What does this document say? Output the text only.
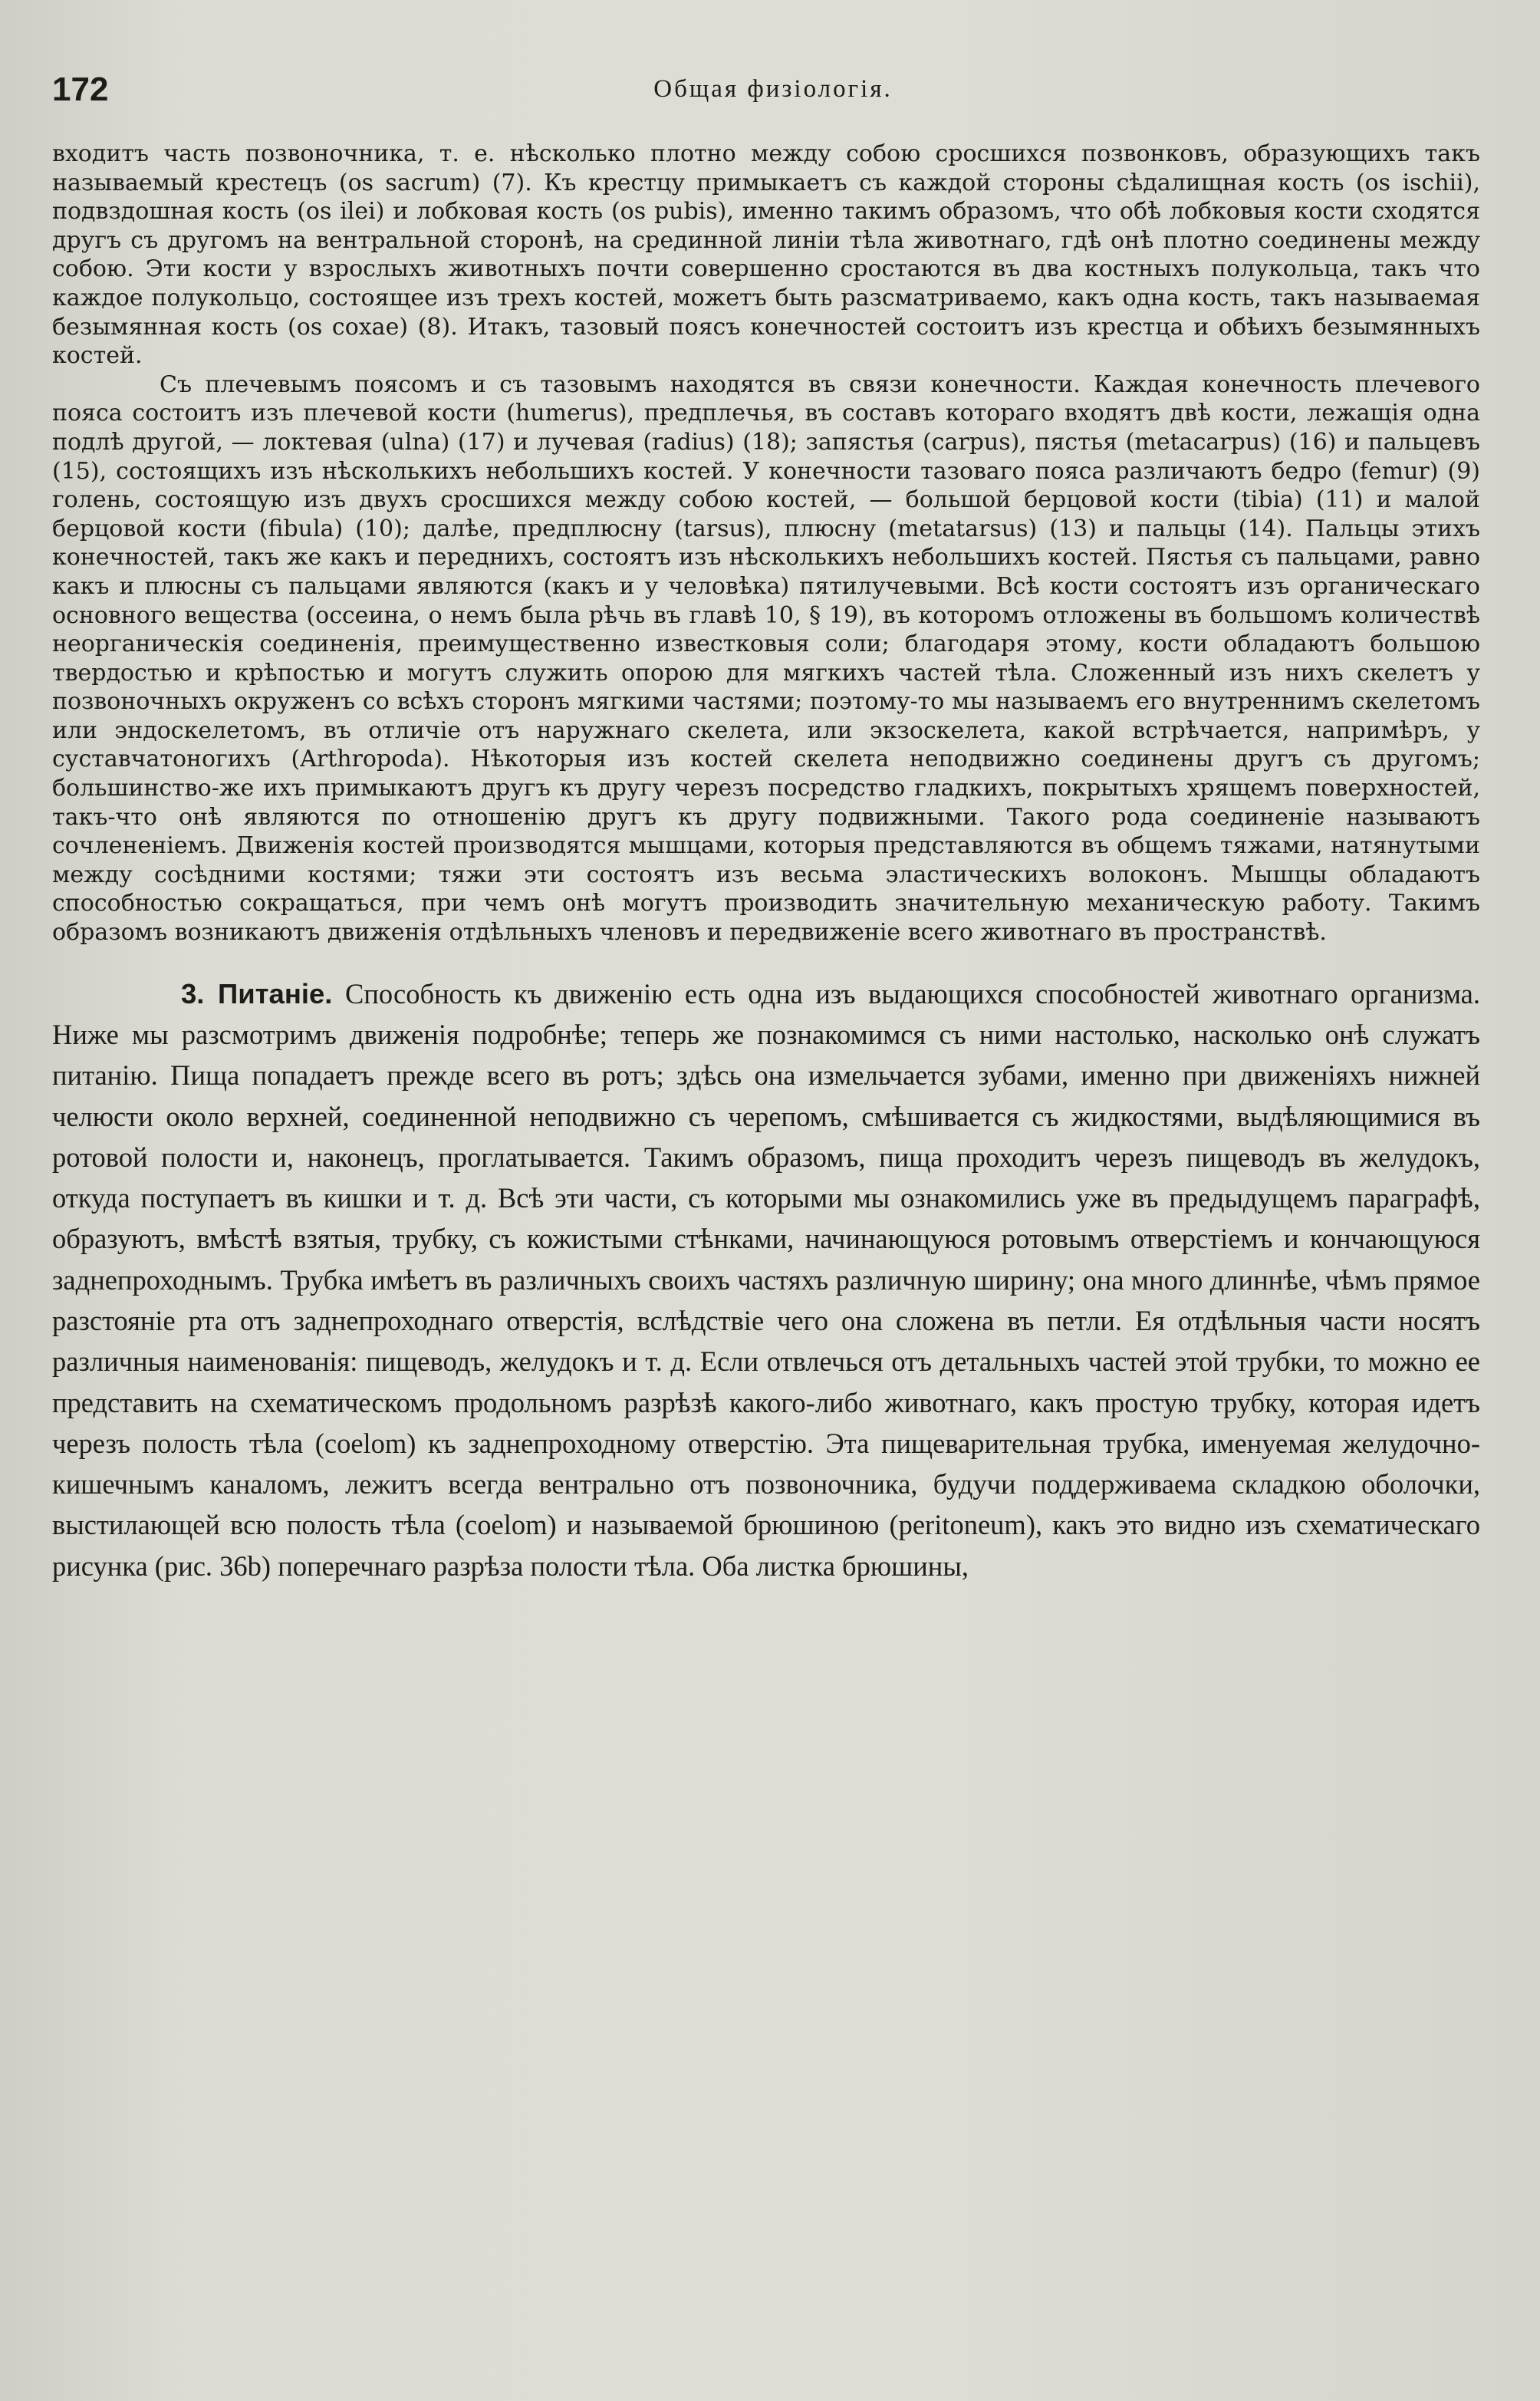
172	Общая физiологiя.

входитъ часть позвоночника, т. е. нѣсколько плотно между собою сросшихся позвонковъ, образующихъ такъ называемый крестецъ (os sacrum) (7). Къ крестцу примыкаетъ съ каждой стороны сѣдалищная кость (os ischii), подвздошная кость (os ilei) и лобковая кость (os pubis), именно такимъ образомъ, что обѣ лобковыя кости сходятся другъ съ другомъ на вентральной сторонѣ, на срединной линiи тѣла животнаго, гдѣ онѣ плотно соединены между собою. Эти кости у взрослыхъ животныхъ почти совершенно сростаются въ два костныхъ полукольца, такъ что каждое полукольцо, состоящее изъ трехъ костей, можетъ быть разсматриваемо, какъ одна кость, такъ называемая безымянная кость (os coxae) (8). Итакъ, тазовый поясъ конечностей состоитъ изъ крестца и обѣихъ безымянныхъ костей.

Съ плечевымъ поясомъ и съ тазовымъ находятся въ связи конечности. Каждая конечность плечевого пояса состоитъ изъ плечевой кости (humerus), предплечья, въ составъ котораго входятъ двѣ кости, лежащiя одна подлѣ другой, — локтевая (ulna) (17) и лучевая (radius) (18); запястья (carpus), пястья (metacarpus) (16) и пальцевъ (15), состоящихъ изъ нѣсколькихъ небольшихъ костей. У конечности тазоваго пояса различаютъ бедро (femur) (9) голень, состоящую изъ двухъ сросшихся между собою костей, — большой берцовой кости (tibia) (11) и малой берцовой кости (fibula) (10); далѣе, предплюсну (tarsus), плюсну (metatarsus) (13) и пальцы (14). Пальцы этихъ конечностей, такъ же какъ и переднихъ, состоятъ изъ нѣсколькихъ небольшихъ костей. Пястья съ пальцами, равно какъ и плюсны съ пальцами являются (какъ и у человѣка) пятилучевыми. Всѣ кости состоятъ изъ органическаго основного вещества (оссеина, о немъ была рѣчь въ главѣ 10, § 19), въ которомъ отложены въ большомъ количествѣ неорганическiя соединенiя, преимущественно известковыя соли; благодаря этому, кости обладаютъ большою твердостью и крѣпостью и могутъ служить опорою для мягкихъ частей тѣла. Сложенный изъ нихъ скелетъ у позвоночныхъ окруженъ со всѣхъ сторонъ мягкими частями; поэтому-то мы называемъ его внутреннимъ скелетомъ или эндоскелетомъ, въ отличiе отъ наружнаго скелета, или экзоскелета, какой встрѣчается, напримѣръ, у суставчатоногихъ (Arthropoda). Нѣкоторыя изъ костей скелета неподвижно соединены другъ съ другомъ; большинство-же ихъ примыкаютъ другъ къ другу черезъ посредство гладкихъ, покрытыхъ хрящемъ поверхностей, такъ-что онѣ являются по отношенiю другъ къ другу подвижными. Такого рода соединенiе называютъ сочлененiемъ. Движенiя костей производятся мышцами, которыя представляются въ общемъ тяжами, натянутыми между сосѣдними костями; тяжи эти состоятъ изъ весьма эластическихъ волоконъ. Мышцы обладаютъ способностью сокращаться, при чемъ онѣ могутъ производить значительную механическую работу. Такимъ образомъ возникаютъ движенiя отдѣльныхъ членовъ и передвиженiе всего животнаго въ пространствѣ.

3. Питанiе. Способность къ движенiю есть одна изъ выдающихся способностей животнаго организма. Ниже мы разсмотримъ движенiя подробнѣе; теперь же познакомимся съ ними настолько, насколько онѣ служатъ питанiю. Пища попадаетъ прежде всего въ ротъ; здѣсь она измельчается зубами, именно при движенiяхъ нижней челюсти около верхней, соединенной неподвижно съ черепомъ, смѣшивается съ жидкостями, выдѣляющимися въ ротовой полости и, наконецъ, проглатывается. Такимъ образомъ, пища проходитъ черезъ пищеводъ въ желудокъ, откуда поступаетъ въ кишки и т. д. Всѣ эти части, съ которыми мы ознакомились уже въ предыдущемъ параграфѣ, образуютъ, вмѣстѣ взятыя, трубку, съ кожистыми стѣнками, начинающуюся ротовымъ отверстiемъ и кончающуюся заднепроходнымъ. Трубка имѣетъ въ различныхъ своихъ частяхъ различную ширину; она много длиннѣе, чѣмъ прямое разстоянiе рта отъ заднепроходнаго отверстiя, вслѣдствiе чего она сложена въ петли. Ея отдѣльныя части носятъ различныя наименованiя: пищеводъ, желудокъ и т. д. Если отвлечься отъ детальныхъ частей этой трубки, то можно ее представить на схематическомъ продольномъ разрѣзѣ какого-либо животнаго, какъ простую трубку, которая идетъ черезъ полость тѣла (coelom) къ заднепроходному отверстiю. Эта пищеварительная трубка, именуемая желудочно-кишечнымъ каналомъ, лежитъ всегда вентрально отъ позвоночника, будучи поддерживаема складкою оболочки, выстилающей всю полость тѣла (coelom) и называемой брюшиною (peritoneum), какъ это видно изъ схематическаго рисунка (рис. 36b) поперечнаго разрѣза полости тѣла. Оба листка брюшины,
